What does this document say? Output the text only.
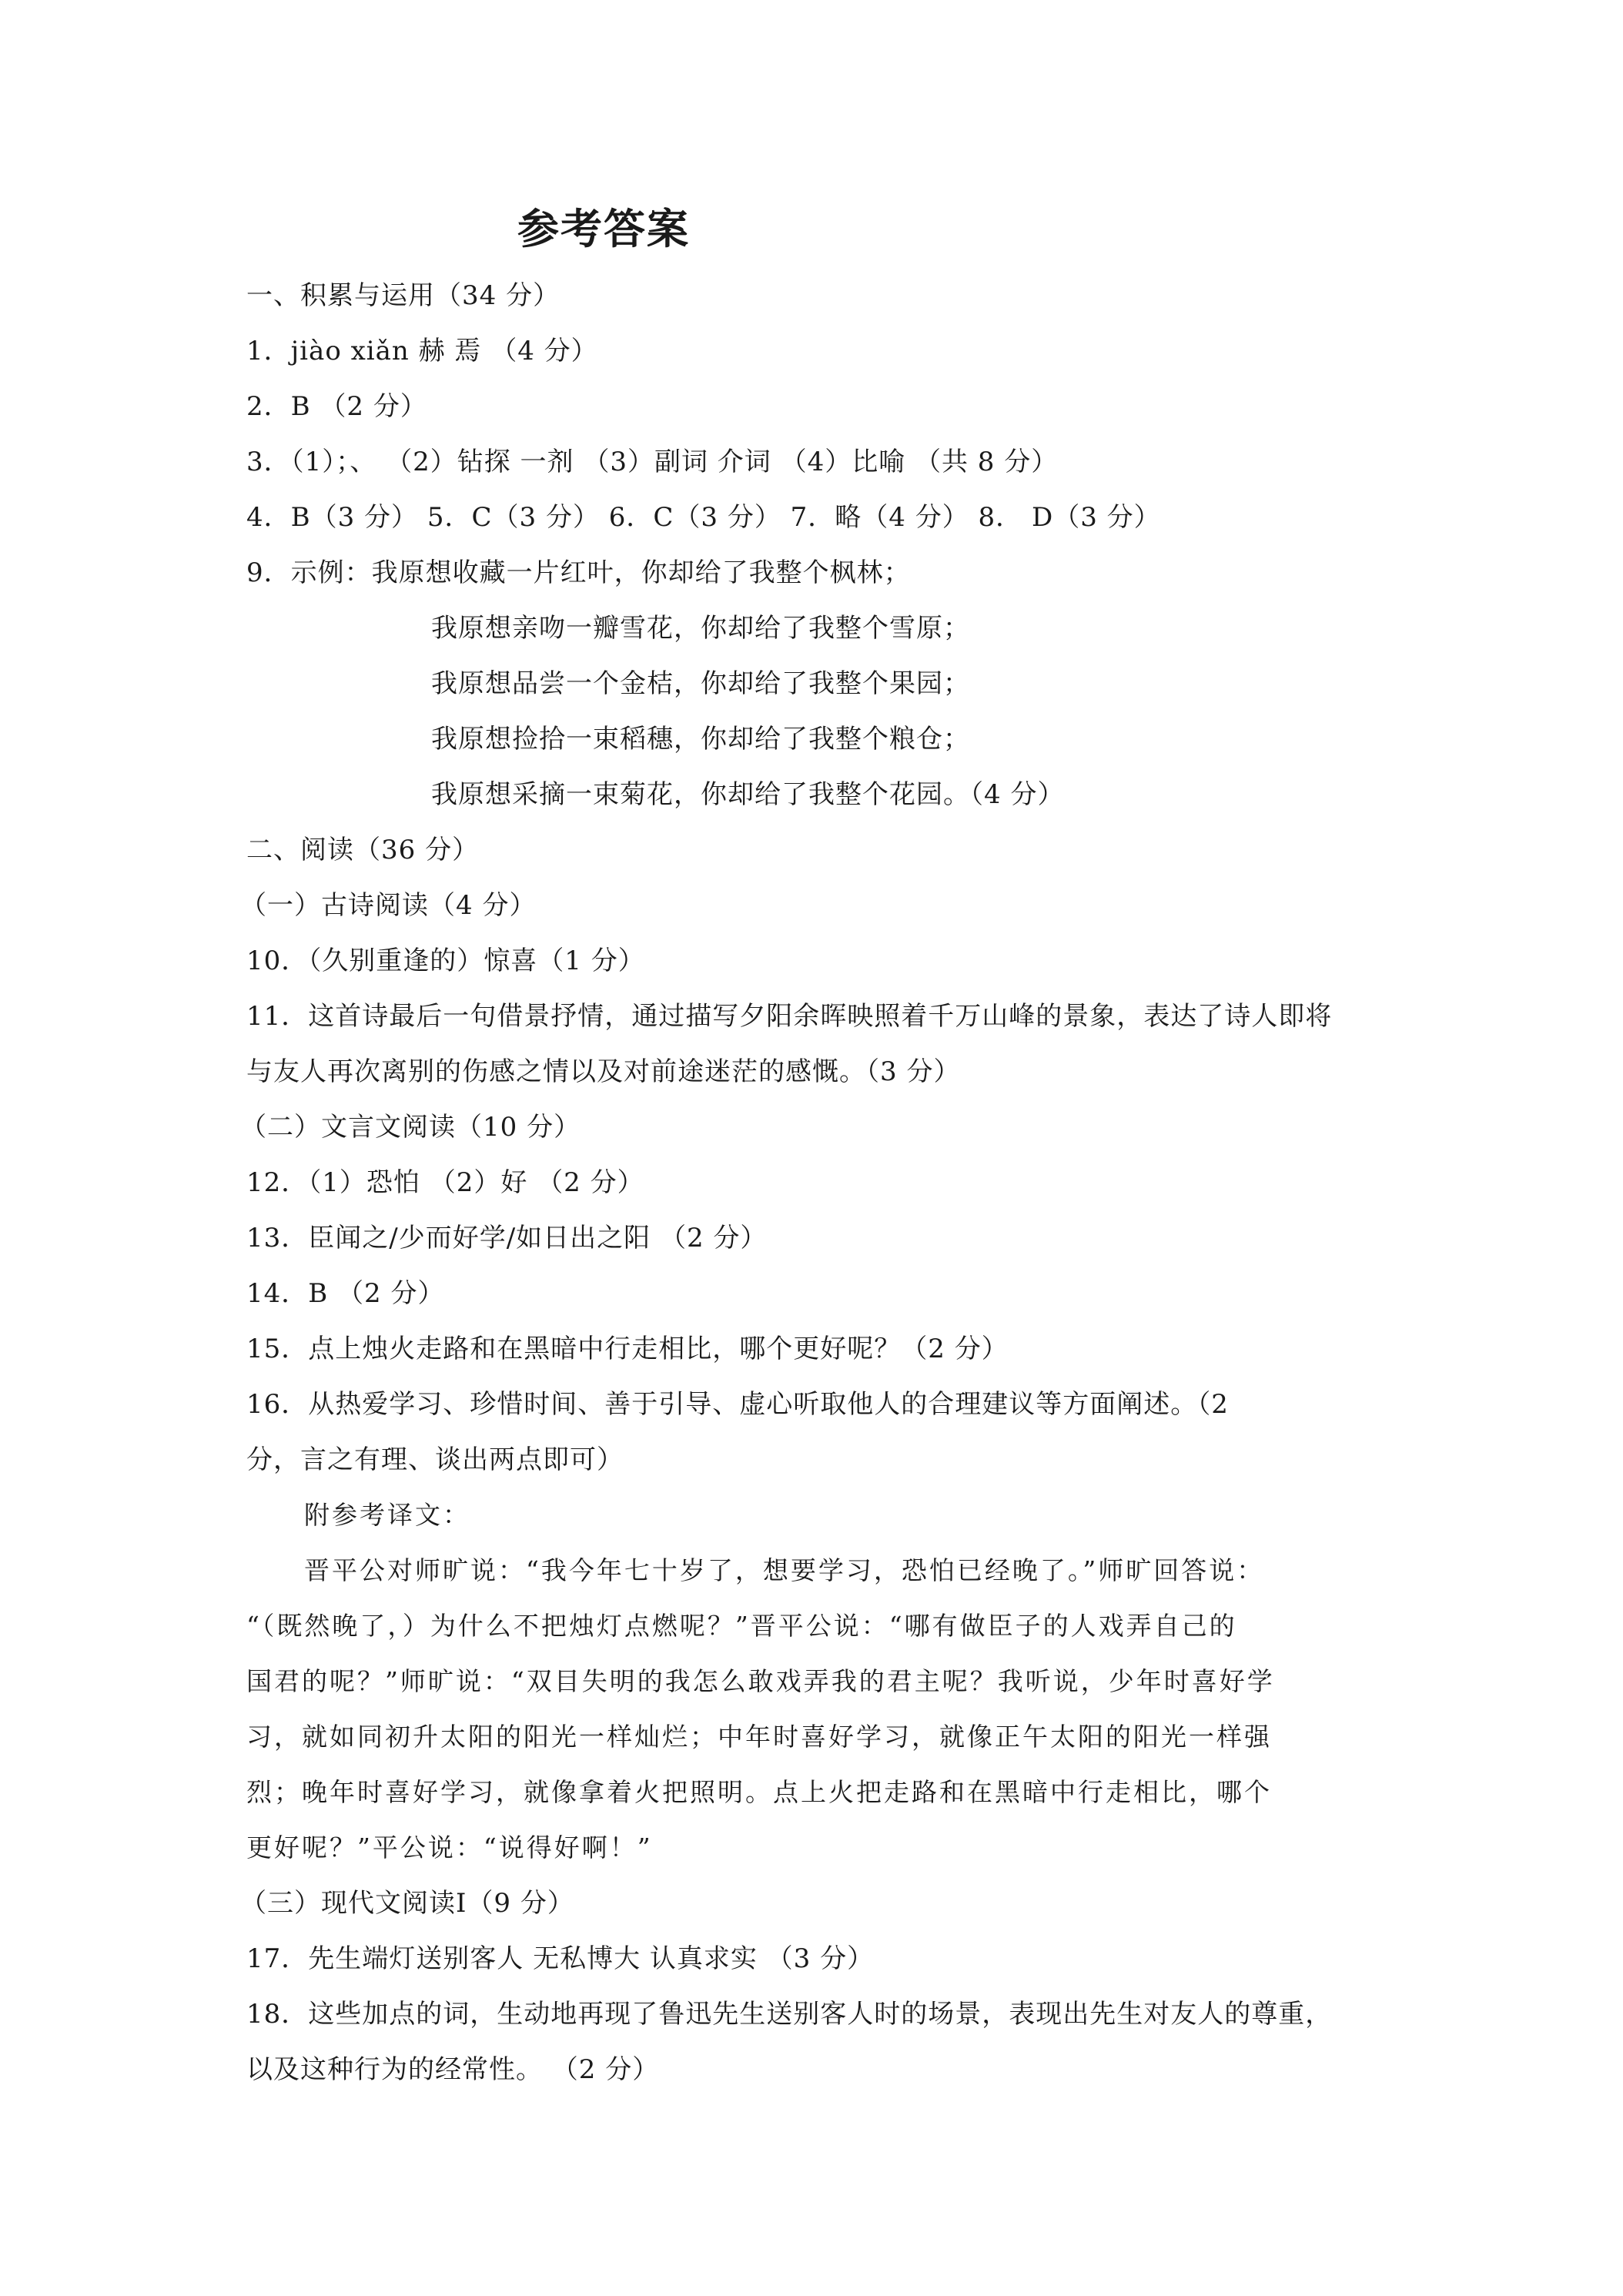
参考答案
一、积累与运用（34 分）
1．jiào xiǎn 赫 焉 （4 分）
2．B （2 分）
3．（1）；、 （2）钻探 一剂 （3）副词 介词 （4）比喻 （共 8 分）
4．B（3 分） 5．C（3 分） 6．C（3 分） 7．略（4 分） 8． D（3 分）
9．示例：我原想收藏一片红叶，你却给了我整个枫林；
我原想亲吻一瓣雪花，你却给了我整个雪原；
我原想品尝一个金桔，你却给了我整个果园；
我原想捡拾一束稻穗，你却给了我整个粮仓；
我原想采摘一束菊花，你却给了我整个花园。（4 分）
二、阅读（36 分）
（一）古诗阅读（4 分）
10．（久别重逢的）惊喜（1 分）
11．这首诗最后一句借景抒情，通过描写夕阳余晖映照着千万山峰的景象，表达了诗人即将
与友人再次离别的伤感之情以及对前途迷茫的感慨。（3 分）
（二）文言文阅读（10 分）
12．（1）恐怕 （2）好 （2 分）
13．臣闻之/少而好学/如日出之阳 （2 分）
14．B （2 分）
15．点上烛火走路和在黑暗中行走相比，哪个更好呢？（2 分）
16．从热爱学习、珍惜时间、善于引导、虚心听取他人的合理建议等方面阐述。（2
分，言之有理、谈出两点即可）
附参考译文：
晋平公对师旷说：“我今年七十岁了，想要学习，恐怕已经晚了。”师旷回答说：
“（既然晚了，）为什么不把烛灯点燃呢？”晋平公说：“哪有做臣子的人戏弄自己的
国君的呢？”师旷说：“双目失明的我怎么敢戏弄我的君主呢？我听说，少年时喜好学
习，就如同初升太阳的阳光一样灿烂；中年时喜好学习，就像正午太阳的阳光一样强
烈；晚年时喜好学习，就像拿着火把照明。点上火把走路和在黑暗中行走相比，哪个
更好呢？”平公说：“说得好啊！”
（三）现代文阅读I（9 分）
17．先生端灯送别客人 无私博大 认真求实 （3 分）
18．这些加点的词，生动地再现了鲁迅先生送别客人时的场景，表现出先生对友人的尊重，
以及这种行为的经常性。 （2 分）
